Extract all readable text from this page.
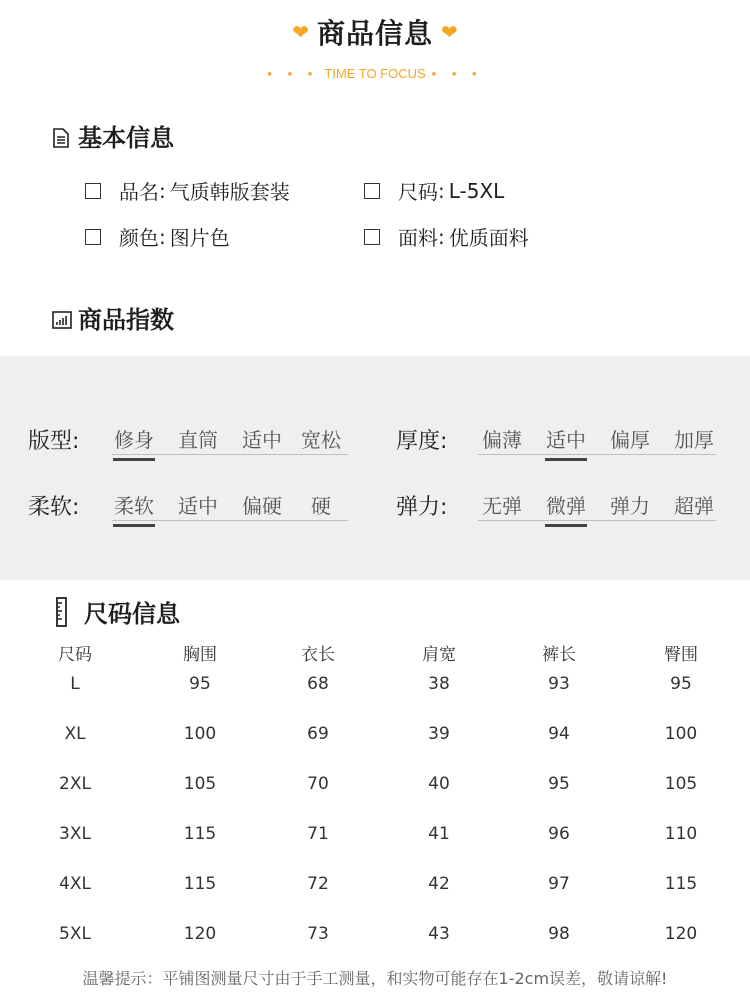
❤ 商品信息 ❤
• • • TIME TO FOCUS • • •
基本信息
品名 : 气质韩版套装	尺码 : L-5XL
颜色 : 图片色	面料 : 优质面料
商品指数
版型:	修身	直筒	适中 宽松	厚度:	偏薄	适中	偏厚	加厚
柔软:	柔软	适中	偏硬	硬	弹力:	无弹	微弹	弹力	超弹
尺码信息
尺码	胸围	衣长	肩宽	裤长	臀围
L	95	68	38	93	95
XL	100	69	39	94	100
2XL	105	70	40	95	105
3XL	115	71	41	96	110
4XL	115	72	42	97	115
5XL	120	73	43	98	120
温馨提示：平铺图测量尺寸由于手工测量，和实物可能存在1-2cm误差，敬请谅解!
